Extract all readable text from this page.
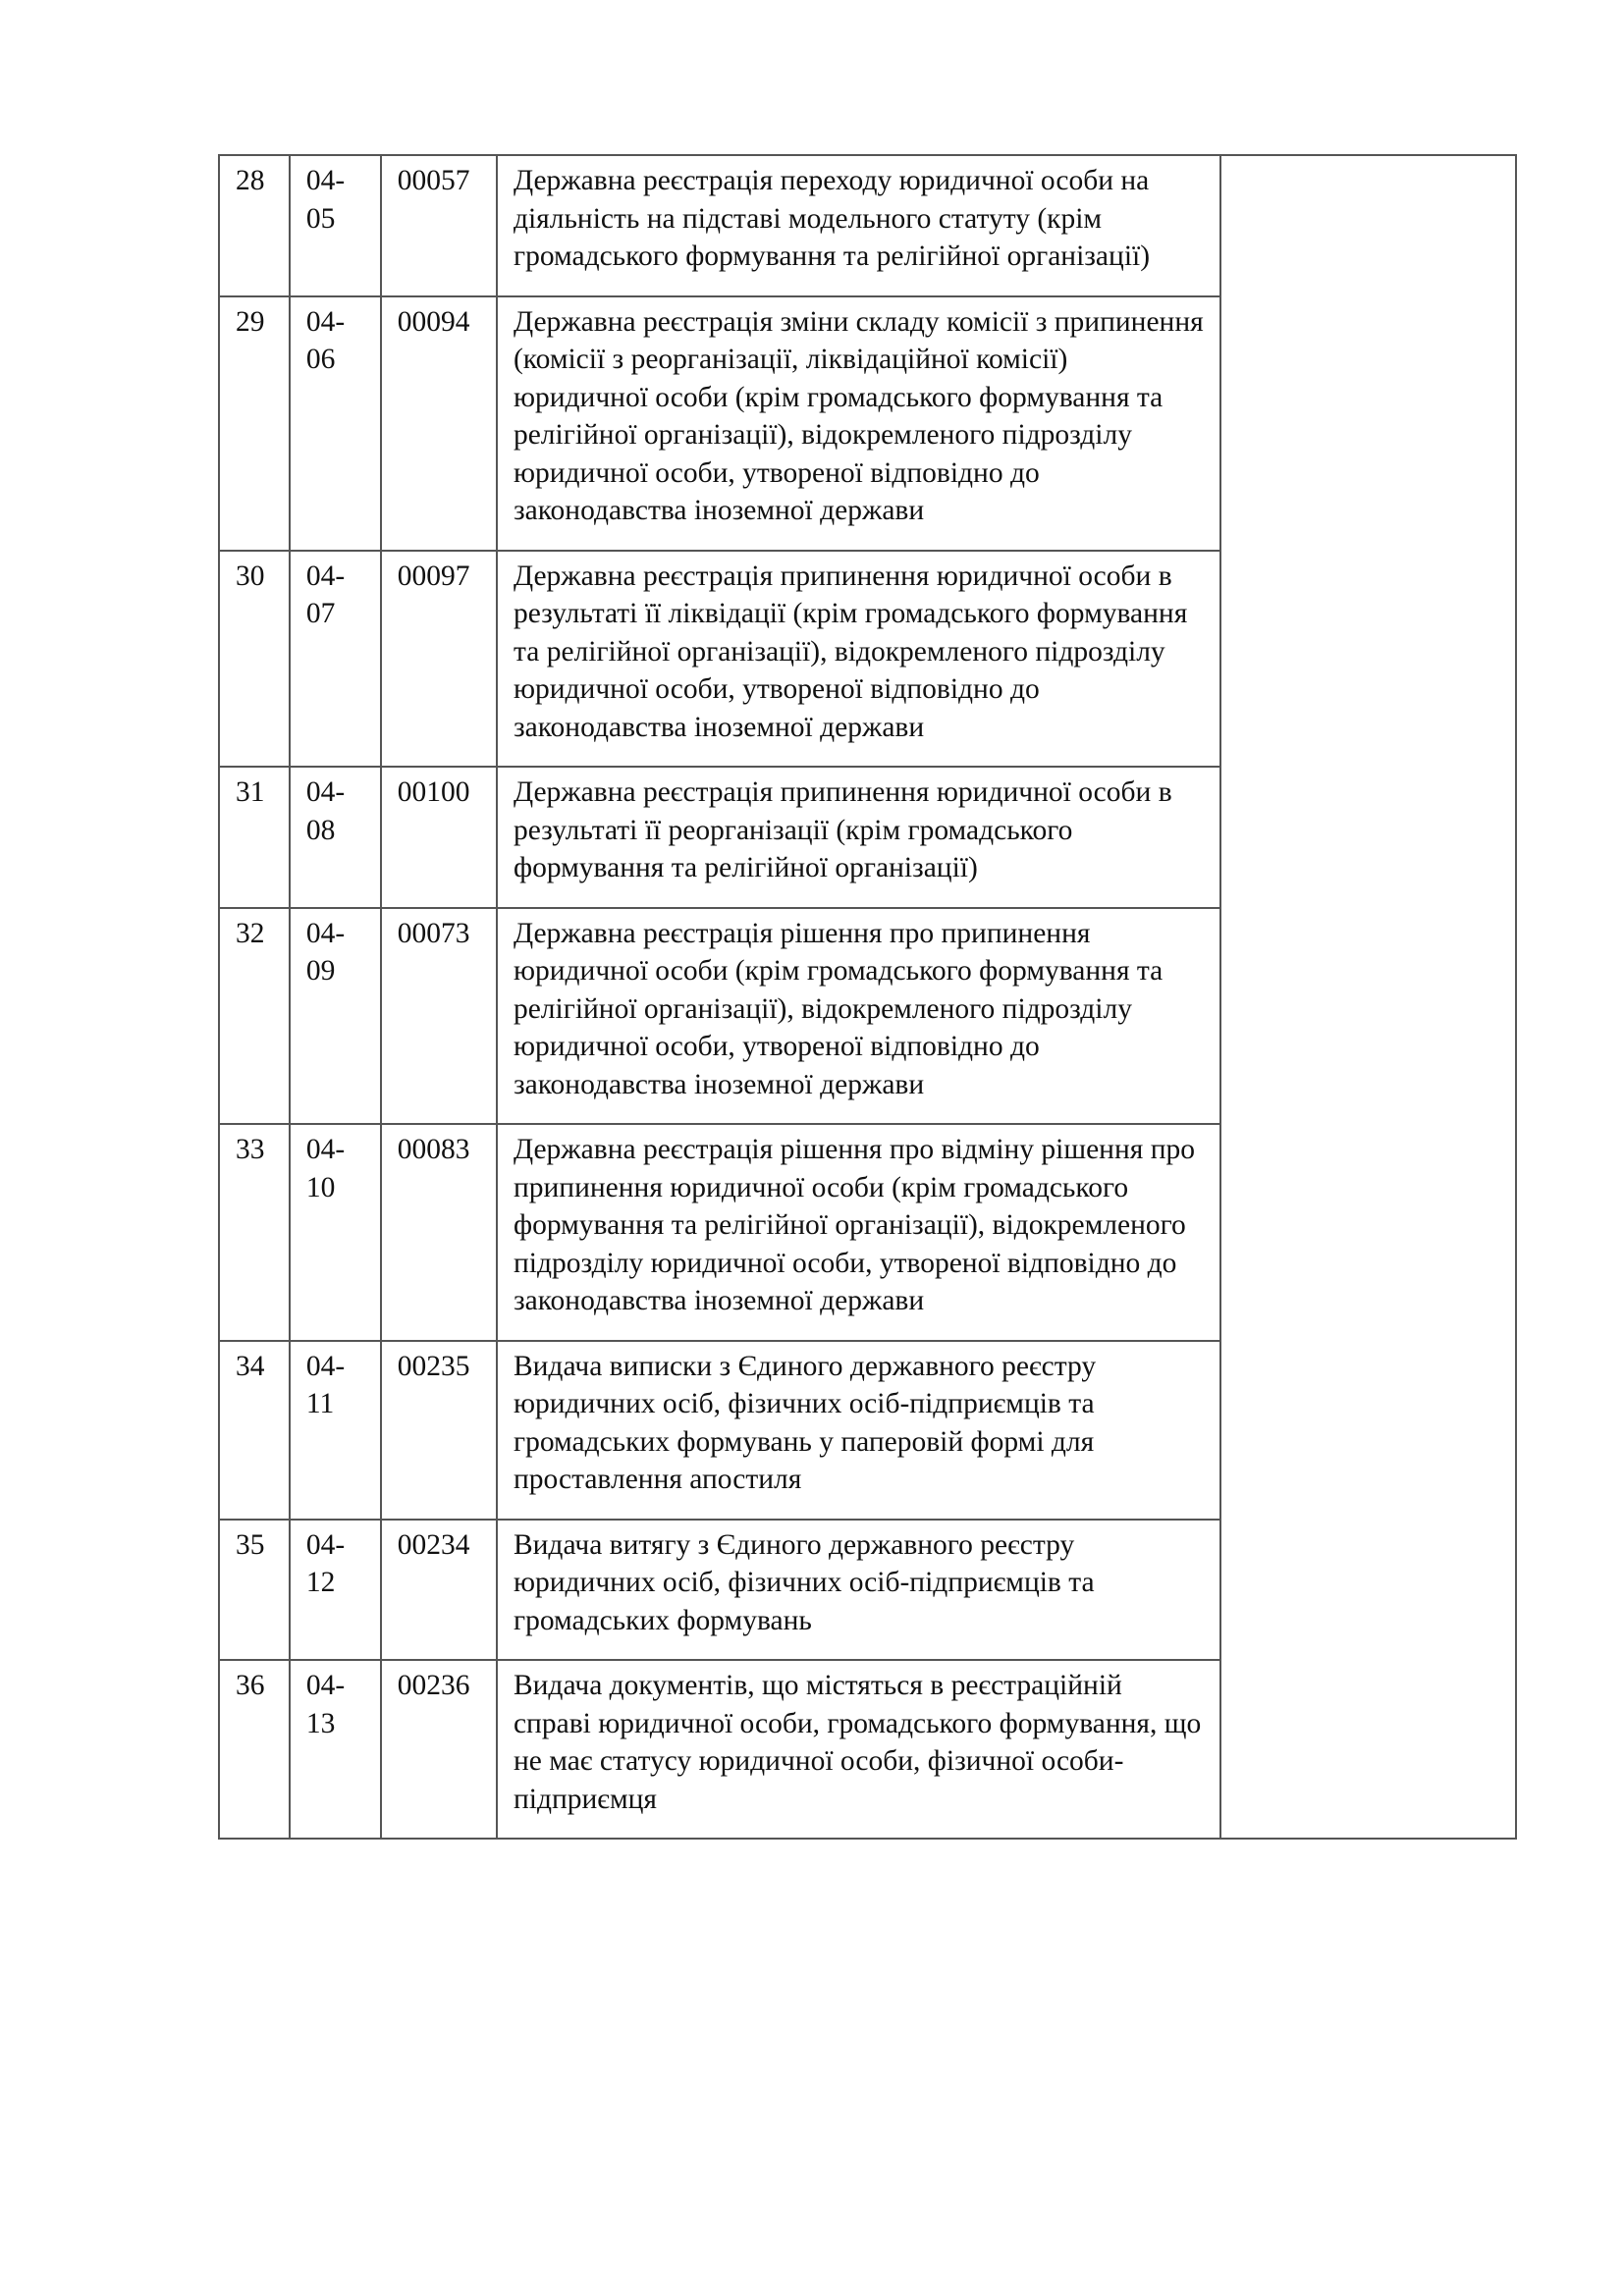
28	04-05	00057	Державна реєстрація переходу юридичної особи на діяльність на підставі модельного статуту (крім громадського формування та релігійної організації)	
29	04-06	00094	Державна реєстрація зміни складу комісії з припинення (комісії з реорганізації, ліквідаційної комісії) юридичної особи (крім громадського формування та релігійної організації), відокремленого підрозділу юридичної особи, утвореної відповідно до законодавства іноземної держави	
30	04-07	00097	Державна реєстрація припинення юридичної особи в результаті її ліквідації (крім громадського формування та релігійної організації), відокремленого підрозділу юридичної особи, утвореної відповідно до законодавства іноземної держави	
31	04-08	00100	Державна реєстрація припинення юридичної особи в результаті її реорганізації (крім громадського формування та релігійної організації)	
32	04-09	00073	Державна реєстрація рішення про припинення юридичної особи (крім громадського формування та релігійної організації), відокремленого підрозділу юридичної особи, утвореної відповідно до законодавства іноземної держави	
33	04-10	00083	Державна реєстрація рішення про відміну рішення про припинення юридичної особи (крім громадського формування та релігійної організації), відокремленого підрозділу юридичної особи, утвореної відповідно до законодавства іноземної держави	
34	04-11	00235	Видача виписки з Єдиного державного реєстру юридичних осіб, фізичних осіб-підприємців та громадських формувань у паперовій формі для проставлення апостиля	
35	04-12	00234	Видача витягу з Єдиного державного реєстру юридичних осіб, фізичних осіб-підприємців та громадських формувань	
36	04-13	00236	Видача документів, що містяться в реєстраційній справі юридичної особи, громадського формування, що не має статусу юридичної особи, фізичної особи-підприємця	
